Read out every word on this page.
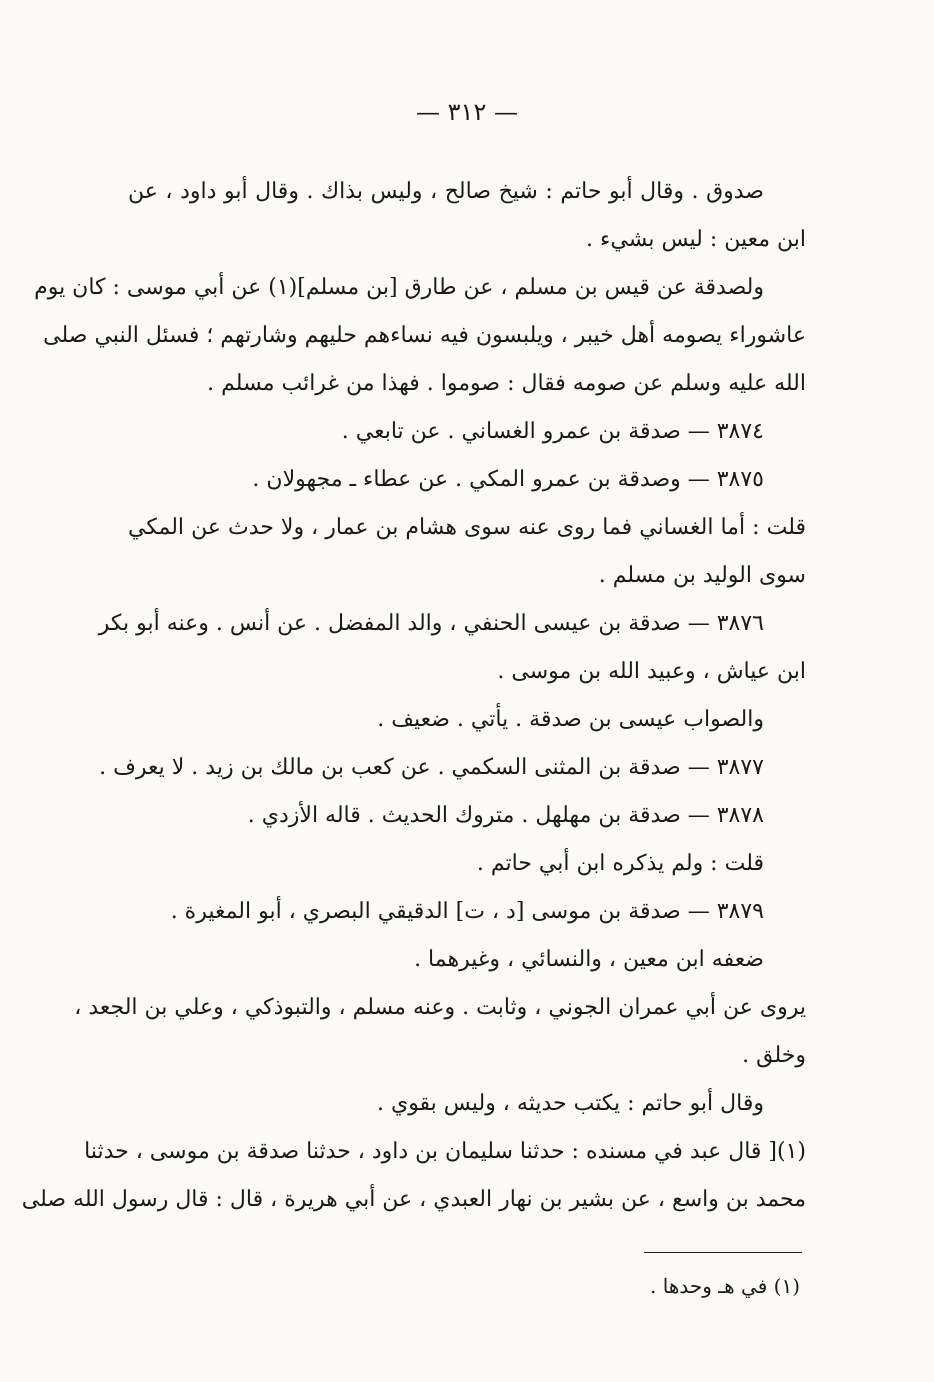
— ٣١٢ —
صدوق . وقال أبو حاتم : شيخ صالح ، وليس بذاك . وقال أبو داود ، عن
ابن معين : ليس بشيء .
ولصدقة عن قيس بن مسلم ، عن طارق [بن مسلم](١) عن أبي موسى : كان يوم
عاشوراء يصومه أهل خيبر ، ويلبسون فيه نساءهم حليهم وشارتهم ؛ فسئل النبي صلى
الله عليه وسلم عن صومه فقال : صوموا . فهذا من غرائب مسلم .
٣٨٧٤ — صدقة بن عمرو الغساني . عن تابعي .
٣٨٧٥ — وصدقة بن عمرو المكي . عن عطاء ـ مجهولان .
قلت : أما الغساني فما روى عنه سوى هشام بن عمار ، ولا حدث عن المكي
سوى الوليد بن مسلم .
٣٨٧٦ — صدقة بن عيسى الحنفي ، والد المفضل . عن أنس . وعنه أبو بكر
ابن عياش ، وعبيد الله بن موسى .
والصواب عيسى بن صدقة . يأتي . ضعيف .
٣٨٧٧ — صدقة بن المثنى السكمي . عن كعب بن مالك بن زيد . لا يعرف .
٣٨٧٨ — صدقة بن مهلهل . متروك الحديث . قاله الأزدي .
قلت : ولم يذكره ابن أبي حاتم .
٣٨٧٩ — صدقة بن موسى [د ، ت] الدقيقي البصري ، أبو المغيرة .
ضعفه ابن معين ، والنسائي ، وغيرهما .
يروى عن أبي عمران الجوني ، وثابت . وعنه مسلم ، والتبوذكي ، وعلي بن الجعد ،
وخلق .
وقال أبو حاتم : يكتب حديثه ، وليس بقوي .
(١)[ قال عبد في مسنده : حدثنا سليمان بن داود ، حدثنا صدقة بن موسى ، حدثنا
محمد بن واسع ، عن بشير بن نهار العبدي ، عن أبي هريرة ، قال : قال رسول الله صلى
(١) في هـ وحدها .
